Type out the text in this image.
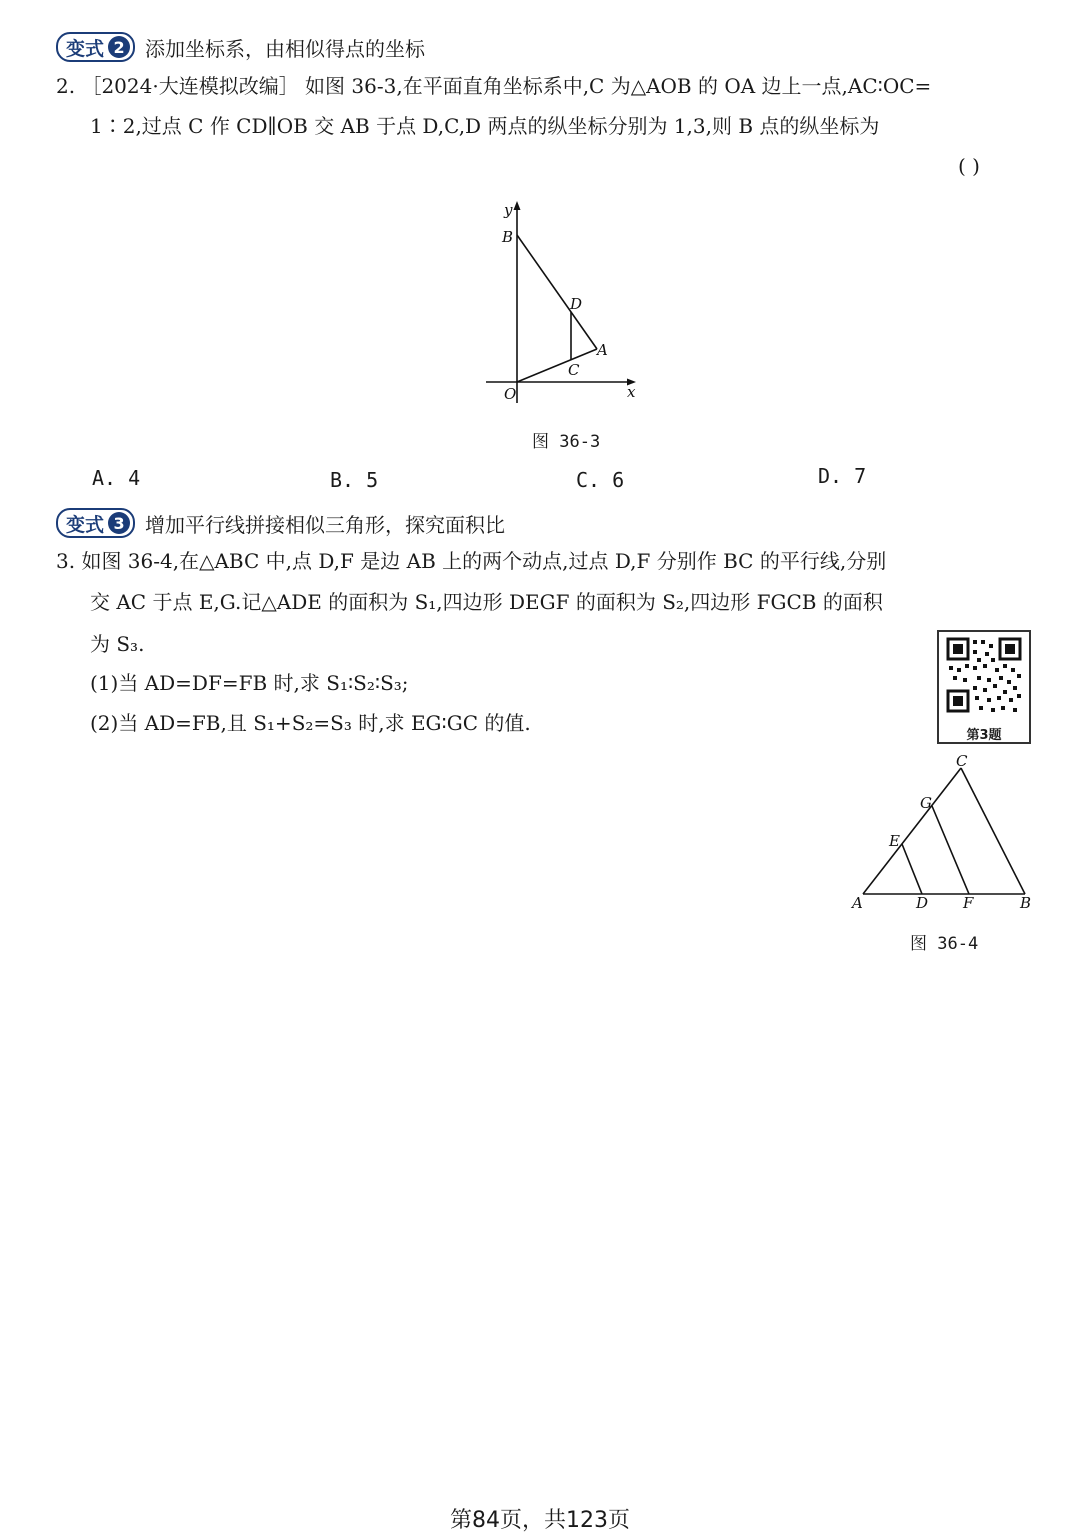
变式 2 添加坐标系，由相似得点的坐标
2. ［2024·大连模拟改编］ 如图 36-3,在平面直角坐标系中,C 为△AOB 的 OA 边上一点,AC∶OC=
1∶2,过点 C 作 CD∥OB 交 AB 于点 D,C,D 两点的纵坐标分别为 1,3,则 B 点的纵坐标为
( )
y
x
O
B
D
A
C
图 36-3
A. 4	B. 5	C. 6	D. 7
变式 3 增加平行线拼接相似三角形，探究面积比
3. 如图 36-4,在△ABC 中,点 D,F 是边 AB 上的两个动点,过点 D,F 分别作 BC 的平行线,分别
交 AC 于点 E,G.记△ADE 的面积为 S₁,四边形 DEGF 的面积为 S₂,四边形 FGCB 的面积
为 S₃.
(1)当 AD=DF=FB 时,求 S₁∶S₂∶S₃;
(2)当 AD=FB,且 S₁+S₂=S₃ 时,求 EG∶GC 的值.
第3题
C
G
E
A	D F	B
图 36-4
第84页，共123页
